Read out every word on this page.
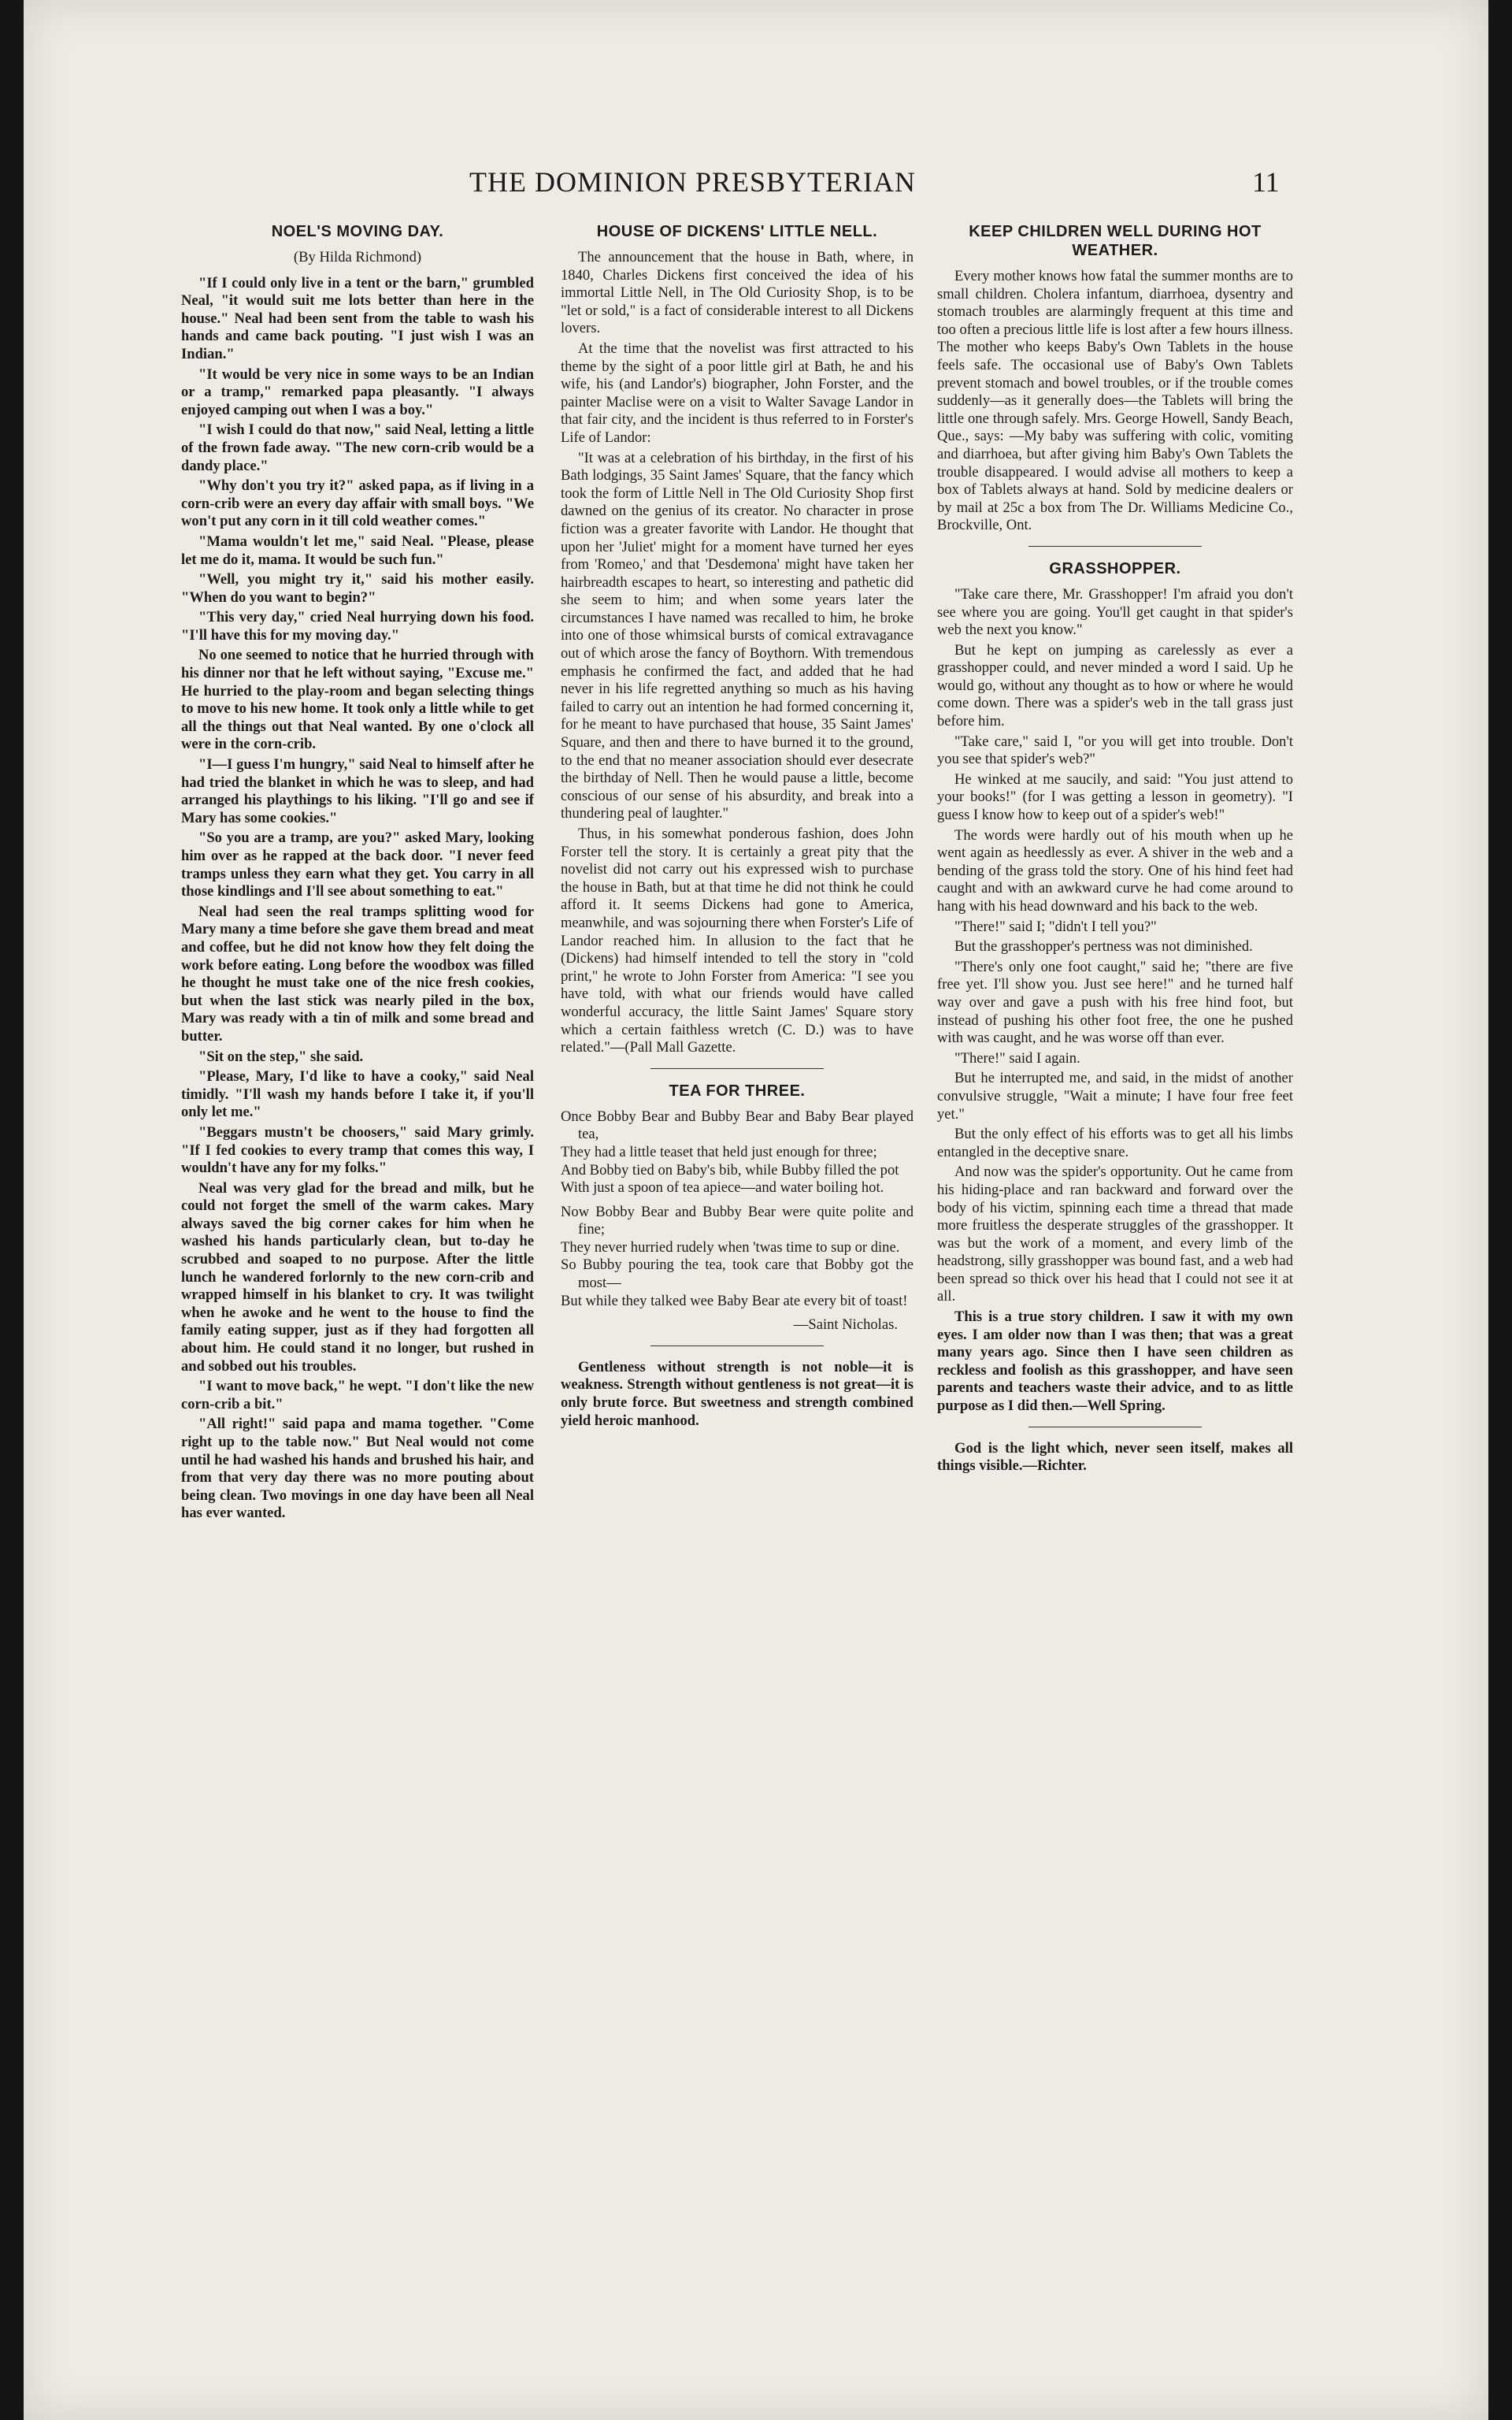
THE DOMINION PRESBYTERIAN	11
NOEL'S MOVING DAY.
(By Hilda Richmond)

"If I could only live in a tent or the barn," grumbled Neal, "it would suit me lots better than here in the house." Neal had been sent from the table to wash his hands and came back pouting. "I just wish I was an Indian."

"It would be very nice in some ways to be an Indian or a tramp," remarked papa pleasantly. "I always enjoyed camping out when I was a boy."

"I wish I could do that now," said Neal, letting a little of the frown fade away. "The new corn-crib would be a dandy place."

"Why don't you try it?" asked papa, as if living in a corn-crib were an every day affair with small boys. "We won't put any corn in it till cold weather comes."

"Mama wouldn't let me," said Neal. "Please, please let me do it, mama. It would be such fun."

"Well, you might try it," said his mother easily. "When do you want to begin?"

"This very day," cried Neal hurrying down his food. "I'll have this for my moving day."

No one seemed to notice that he hurried through with his dinner nor that he left without saying, "Excuse me." He hurried to the play-room and began selecting things to move to his new home. It took only a little while to get all the things out that Neal wanted. By one o'clock all were in the corn-crib.

"I—I guess I'm hungry," said Neal to himself after he had tried the blanket in which he was to sleep, and had arranged his playthings to his liking. "I'll go and see if Mary has some cookies."

"So you are a tramp, are you?" asked Mary, looking him over as he rapped at the back door. "I never feed tramps unless they earn what they get. You carry in all those kindlings and I'll see about something to eat."

Neal had seen the real tramps splitting wood for Mary many a time before she gave them bread and meat and coffee, but he did not know how they felt doing the work before eating. Long before the woodbox was filled he thought he must take one of the nice fresh cookies, but when the last stick was nearly piled in the box, Mary was ready with a tin of milk and some bread and butter.

"Sit on the step," she said.

"Please, Mary, I'd like to have a cooky," said Neal timidly. "I'll wash my hands before I take it, if you'll only let me."

"Beggars mustn't be choosers," said Mary grimly. "If I fed cookies to every tramp that comes this way, I wouldn't have any for my folks."

Neal was very glad for the bread and milk, but he could not forget the smell of the warm cakes. Mary always saved the big corner cakes for him when he washed his hands particularly clean, but to-day he scrubbed and soaped to no purpose. After the little lunch he wandered forlornly to the new corn-crib and wrapped himself in his blanket to cry. It was twilight when he awoke and he went to the house to find the family eating supper, just as if they had forgotten all about him. He could stand it no longer, but rushed in and sobbed out his troubles.

"I want to move back," he wept. "I don't like the new corn-crib a bit."

"All right!" said papa and mama together. "Come right up to the table now." But Neal would not come until he had washed his hands and brushed his hair, and from that very day there was no more pouting about being clean. Two movings in one day have been all Neal has ever wanted.

HOUSE OF DICKENS' LITTLE NELL.

The announcement that the house in Bath, where, in 1840, Charles Dickens first conceived the idea of his immortal Little Nell, in The Old Curiosity Shop, is to be "let or sold," is a fact of considerable interest to all Dickens lovers.

At the time that the novelist was first attracted to his theme by the sight of a poor little girl at Bath, he and his wife, his (and Landor's) biographer, John Forster, and the painter Maclise were on a visit to Walter Savage Landor in that fair city, and the incident is thus referred to in Forster's Life of Landor:

"It was at a celebration of his birthday, in the first of his Bath lodgings, 35 Saint James' Square, that the fancy which took the form of Little Nell in The Old Curiosity Shop first dawned on the genius of its creator. No character in prose fiction was a greater favorite with Landor. He thought that upon her 'Juliet' might for a moment have turned her eyes from 'Romeo,' and that 'Desdemona' might have taken her hairbreadth escapes to heart, so interesting and pathetic did she seem to him; and when some years later the circumstances I have named was recalled to him, he broke into one of those whimsical bursts of comical extravagance out of which arose the fancy of Boythorn. With tremendous emphasis he confirmed the fact, and added that he had never in his life regretted anything so much as his having failed to carry out an intention he had formed concerning it, for he meant to have purchased that house, 35 Saint James' Square, and then and there to have burned it to the ground, to the end that no meaner association should ever desecrate the birthday of Nell. Then he would pause a little, become conscious of our sense of his absurdity, and break into a thundering peal of laughter."

Thus, in his somewhat ponderous fashion, does John Forster tell the story. It is certainly a great pity that the novelist did not carry out his expressed wish to purchase the house in Bath, but at that time he did not think he could afford it. It seems Dickens had gone to America, meanwhile, and was sojourning there when Forster's Life of Landor reached him. In allusion to the fact that he (Dickens) had himself intended to tell the story in "cold print," he wrote to John Forster from America: "I see you have told, with what our friends would have called wonderful accuracy, the little Saint James' Square story which a certain faithless wretch (C. D.) was to have related."—(Pall Mall Gazette.

TEA FOR THREE.

Once Bobby Bear and Bubby Bear and Baby Bear played tea,

They had a little teaset that held just enough for three;

And Bobby tied on Baby's bib, while Bubby filled the pot

With just a spoon of tea apiece—and water boiling hot.

Now Bobby Bear and Bubby Bear were quite polite and fine;

They never hurried rudely when 'twas time to sup or dine.

So Bubby pouring the tea, took care that Bobby got the most—

But while they talked wee Baby Bear ate every bit of toast!

—Saint Nicholas.

Gentleness without strength is not noble—it is weakness. Strength without gentleness is not great—it is only brute force. But sweetness and strength combined yield heroic manhood.

KEEP CHILDREN WELL DURING HOT WEATHER.

Every mother knows how fatal the summer months are to small children. Cholera infantum, diarrhoea, dysentry and stomach troubles are alarmingly frequent at this time and too often a precious little life is lost after a few hours illness. The mother who keeps Baby's Own Tablets in the house feels safe. The occasional use of Baby's Own Tablets prevent stomach and bowel troubles, or if the trouble comes suddenly—as it generally does—the Tablets will bring the little one through safely. Mrs. George Howell, Sandy Beach, Que., says: —My baby was suffering with colic, vomiting and diarrhoea, but after giving him Baby's Own Tablets the trouble disappeared. I would advise all mothers to keep a box of Tablets always at hand. Sold by medicine dealers or by mail at 25c a box from The Dr. Williams Medicine Co., Brockville, Ont.

GRASSHOPPER.

"Take care there, Mr. Grasshopper! I'm afraid you don't see where you are going. You'll get caught in that spider's web the next you know."

But he kept on jumping as carelessly as ever a grasshopper could, and never minded a word I said. Up he would go, without any thought as to how or where he would come down. There was a spider's web in the tall grass just before him.

"Take care," said I, "or you will get into trouble. Don't you see that spider's web?"

He winked at me saucily, and said: "You just attend to your books!" (for I was getting a lesson in geometry). "I guess I know how to keep out of a spider's web!"

The words were hardly out of his mouth when up he went again as heedlessly as ever. A shiver in the web and a bending of the grass told the story. One of his hind feet had caught and with an awkward curve he had come around to hang with his head downward and his back to the web.

"There!" said I; "didn't I tell you?"

But the grasshopper's pertness was not diminished.

"There's only one foot caught," said he; "there are five free yet. I'll show you. Just see here!" and he turned half way over and gave a push with his free hind foot, but instead of pushing his other foot free, the one he pushed with was caught, and he was worse off than ever.

"There!" said I again.

But he interrupted me, and said, in the midst of another convulsive struggle, "Wait a minute; I have four free feet yet."

But the only effect of his efforts was to get all his limbs entangled in the deceptive snare.

And now was the spider's opportunity. Out he came from his hiding-place and ran backward and forward over the body of his victim, spinning each time a thread that made more fruitless the desperate struggles of the grasshopper. It was but the work of a moment, and every limb of the headstrong, silly grasshopper was bound fast, and a web had been spread so thick over his head that I could not see it at all.

This is a true story children. I saw it with my own eyes. I am older now than I was then; that was a great many years ago. Since then I have seen children as reckless and foolish as this grasshopper, and have seen parents and teachers waste their advice, and to as little purpose as I did then.—Well Spring.

God is the light which, never seen itself, makes all things visible.—Richter.
